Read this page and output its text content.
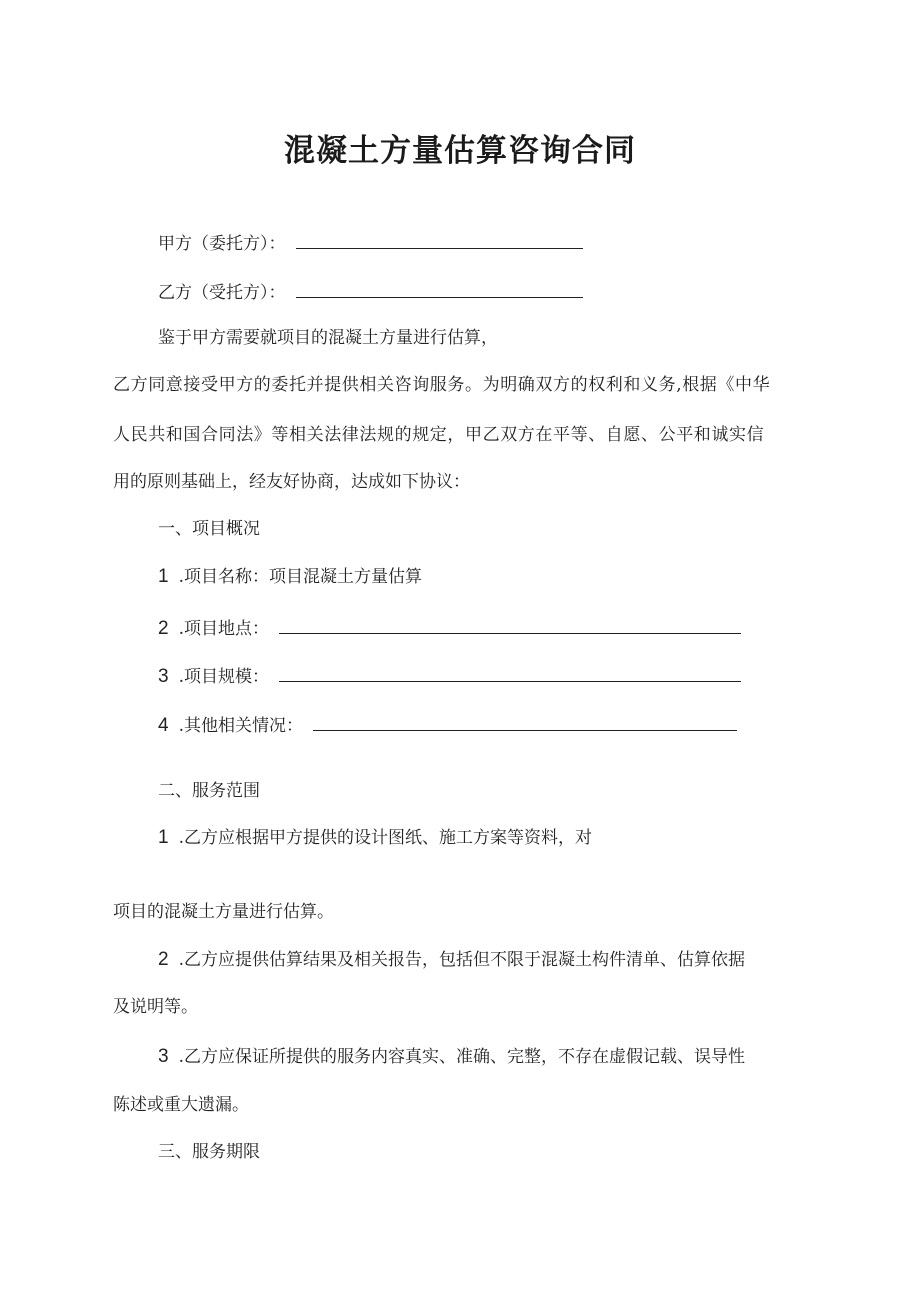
混凝土方量估算咨询合同
甲方（委托方）：
乙方（受托方）：
鉴于甲方需要就项目的混凝土方量进行估算，
乙方同意接受甲方的委托并提供相关咨询服务。为明确双方的权利和义务,根据《中华
人民共和国合同法》等相关法律法规的规定，甲乙双方在平等、自愿、公平和诚实信
用的原则基础上，经友好协商，达成如下协议：
一、项目概况
1 .项目名称：项目混凝土方量估算
2 .项目地点：
3 .项目规模：
4 .其他相关情况：
二、服务范围
1 .乙方应根据甲方提供的设计图纸、施工方案等资料，对
项目的混凝土方量进行估算。
2 .乙方应提供估算结果及相关报告，包括但不限于混凝土构件清单、估算依据
及说明等。
3 .乙方应保证所提供的服务内容真实、准确、完整，不存在虚假记载、误导性
陈述或重大遗漏。
三、服务期限
